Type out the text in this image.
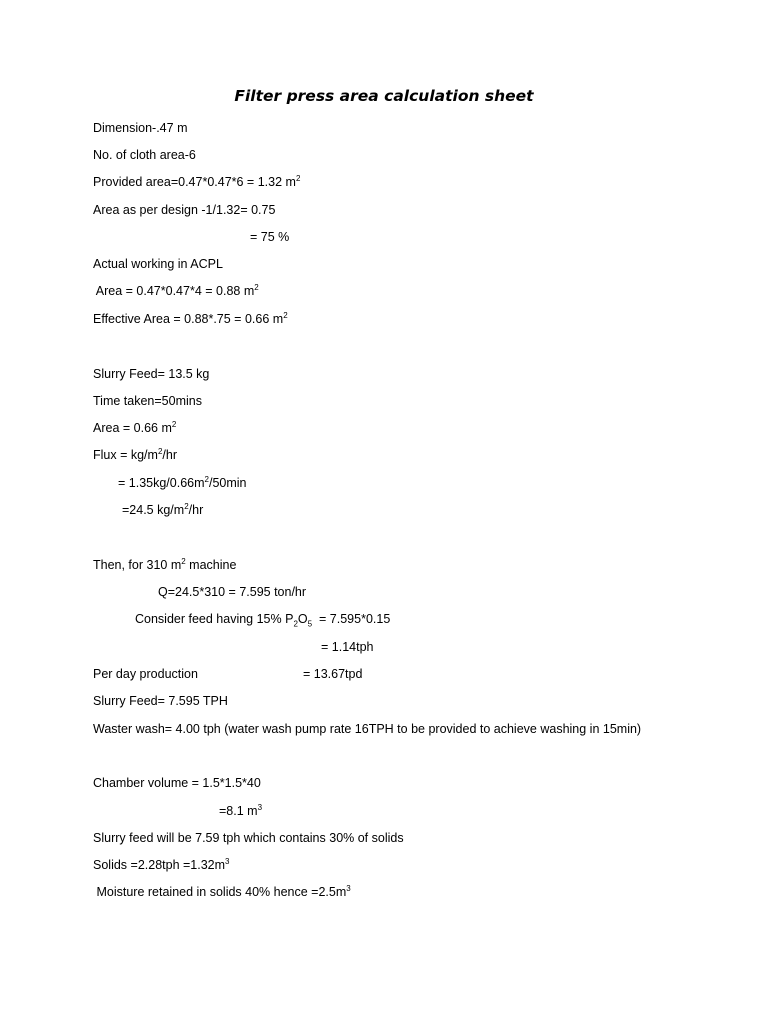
Filter press area calculation sheet
Dimension-.47 m
No. of cloth area-6
Provided area=0.47*0.47*6 = 1.32 $m^2$
Area as per design -1/1.32= 0.75
= 75 %
Actual working in ACPL
Area = 0.47*0.47*4 = 0.88 $m^2$
Effective Area = 0.88*.75 = 0.66 $m^2$
Slurry Feed= 13.5 kg
Time taken=50mins
Area = 0.66 $m^2$
Flux = $kg/m^2/hr$
= $1.35kg/0.66m^2/50\min$
=24.5 $kg/m^2/hr$
Then, for 310 $m^2$ machine
Q=24.5*310 = 7.595 ton/hr
Consider feed having 15% $P_2O_5 = 7.595*0.15$
= 1.14tph
Per day production	= 13.67tpd
Slurry Feed= 7.595 TPH
Waster wash= 4.00 tph (water wash pump rate 16TPH to be provided to achieve washing in 15min)
Chamber volume = 1.5*1.5*40
=8.1 $m^3$
Slurry feed will be 7.59 tph which contains 30% of solids
Solids $=2.28tph =1.32m^3$
Moisture retained in solids 40% hence $=2.5m^3$
